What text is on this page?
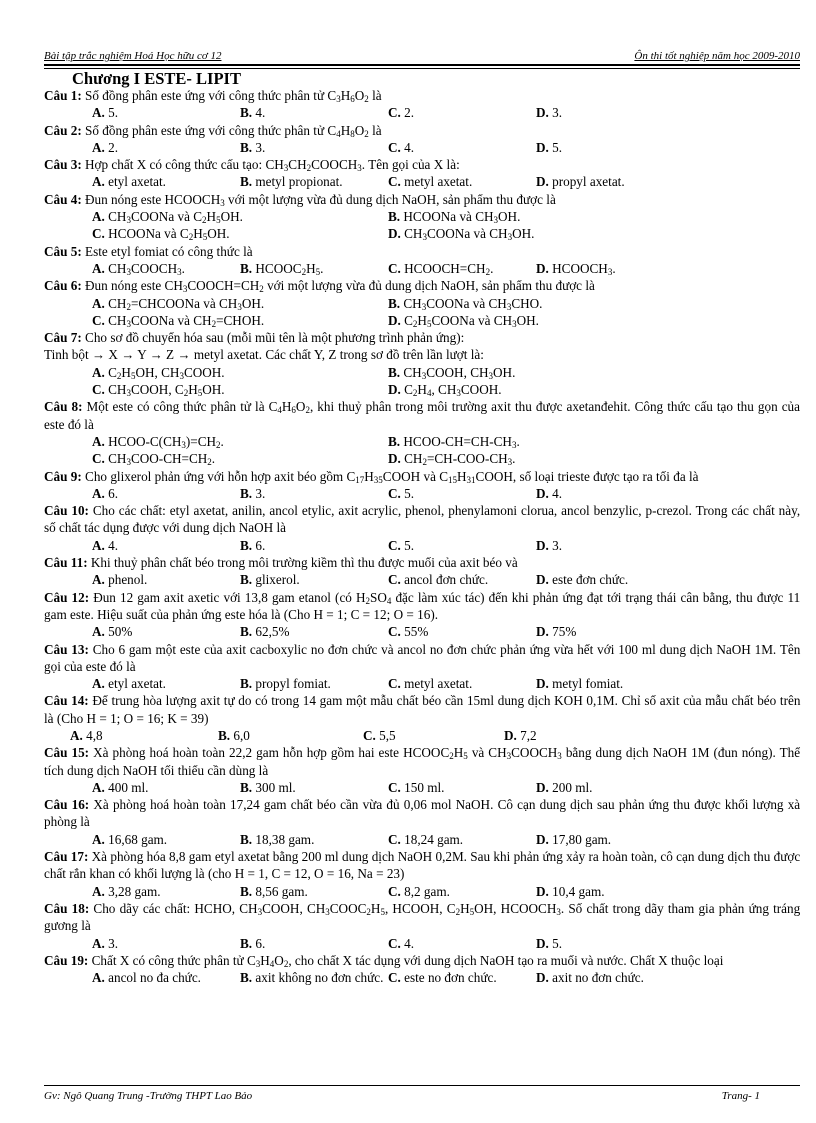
Bài tập trắc nghiệm Hoá Học hữu cơ 12	Ôn thi tốt nghiệp năm học 2009-2010
Chương I ESTE- LIPIT
Câu 1: Số đồng phân este ứng với công thức phân tử $C_3H_6O_2$ là
A. 5.	B. 4.	C. 2.	D. 3.
Câu 2: Số đồng phân este ứng với công thức phân tử $C_4H_8O_2$ là
A. 2.	B. 3.	C. 4.	D. 5.
Câu 3: Hợp chất X có công thức cấu tạo: $CH_3CH_2COOCH_3$. Tên gọi của X là:
A. etyl axetat.	B. metyl propionat.	C. metyl axetat.	D. propyl axetat.
Câu 4: Đun nóng este $HCOOCH_3$ với một lượng vừa đủ dung dịch NaOH, sản phẩm thu được là
A. $CH_3COONa$ và $C_2H_5OH$.	B. HCOONa và $CH_3OH$.
C. HCOONa và $C_2H_5OH$.	D. $CH_3COONa$ và $CH_3OH$.
Câu 5: Este etyl fomiat có công thức là
A. $CH_3COOCH_3$.	B. $HCOOC_2H_5$.	C. $HCOOCH=CH_2$.	D. $HCOOCH_3$.
Câu 6: Đun nóng este $CH_3COOCH=CH_2$ với một lượng vừa đủ dung dịch NaOH, sản phẩm thu được là
A. $CH_2=CHCOONa$ và $CH_3OH$.	B. $CH_3COONa$ và $CH_3CHO$.
C. $CH_3COONa$ và $CH_2=CHOH$.	D. $C_2H_5COONa$ và $CH_3OH$.
Câu 7: Cho sơ đồ chuyển hóa sau (mỗi mũi tên là một phương trình phản ứng):
Tinh bột → X → Y → Z → metyl axetat. Các chất Y, Z trong sơ đồ trên lần lượt là:
A. $C_2H_5OH$, $CH_3COOH$.	B. $CH_3COOH$, $CH_3OH$.
C. $CH_3COOH$, $C_2H_5OH$.	D. $C_2H_4$, $CH_3COOH$.
Câu 8: Một este có công thức phân tử là $C_4H_6O_2$, khi thuỷ phân trong môi trường axit thu được axetanđehit. Công thức cấu tạo thu gọn của este đó là
A. HCOO-$C(CH_3)=CH_2$.	B. HCOO-$CH=CH-CH_3$.
C. $CH_3COO-CH=CH_2$.	D. $CH_2=CH-COO-CH_3$.
Câu 9: Cho glixerol phản ứng với hỗn hợp axit béo gồm $C_{17}H_{35}COOH$ và $C_{15}H_{31}COOH$, số loại trieste được tạo ra tối đa là
A. 6.	B. 3.	C. 5.	D. 4.
Câu 10: Cho các chất: etyl axetat, anilin, ancol etylic, axit acrylic, phenol, phenylamoni clorua, ancol benzylic, p-crezol. Trong các chất này, số chất tác dụng được với dung dịch NaOH là
A. 4.	B. 6.	C. 5.	D. 3.
Câu 11: Khi thuỷ phân chất béo trong môi trường kiềm thì thu được muối của axit béo và
A. phenol.	B. glixerol.	C. ancol đơn chức.	D. este đơn chức.
Câu 12: Đun 12 gam axit axetic với 13,8 gam etanol (có $H_2SO_4$ đặc làm xúc tác) đến khi phản ứng đạt tới trạng thái cân bằng, thu được 11 gam este. Hiệu suất của phản ứng este hóa là (Cho H = 1; C = 12; O = 16).
A. 50%	B. 62,5%	C. 55%	D. 75%
Câu 13: Cho 6 gam một este của axit cacboxylic no đơn chức và ancol no đơn chức phản ứng vừa hết với 100 ml dung dịch NaOH 1M. Tên gọi của este đó là
A. etyl axetat.	B. propyl fomiat.	C. metyl axetat.	D. metyl fomiat.
Câu 14: Để trung hòa lượng axit tự do có trong 14 gam một mẫu chất béo cần 15ml dung dịch KOH 0,1M. Chỉ số axit của mẫu chất béo trên là (Cho H = 1; O = 16; K = 39)
A. 4,8	B. 6,0	C. 5,5	D. 7,2
Câu 15: Xà phòng hoá hoàn toàn 22,2 gam hỗn hợp gồm hai este $HCOOC_2H_5$ và $CH_3COOCH_3$ bằng dung dịch NaOH 1M (đun nóng). Thể tích dung dịch NaOH tối thiểu cần dùng là
A. 400 ml.	B. 300 ml.	C. 150 ml.	D. 200 ml.
Câu 16: Xà phòng hoá hoàn toàn 17,24 gam chất béo cần vừa đủ 0,06 mol NaOH. Cô cạn dung dịch sau phản ứng thu được khối lượng xà phòng là
A. 16,68 gam.	B. 18,38 gam.	C. 18,24 gam.	D. 17,80 gam.
Câu 17: Xà phòng hóa 8,8 gam etyl axetat bằng 200 ml dung dịch NaOH 0,2M. Sau khi phản ứng xảy ra hoàn toàn, cô cạn dung dịch thu được chất rắn khan có khối lượng là (cho H = 1, C = 12, O = 16, Na = 23)
A. 3,28 gam.	B. 8,56 gam.	C. 8,2 gam.	D. 10,4 gam.
Câu 18: Cho dãy các chất: HCHO, $CH_3COOH$, $CH_3COOC_2H_5$, HCOOH, $C_2H_5OH$, $HCOOCH_3$. Số chất trong dãy tham gia phản ứng tráng gương là
A. 3.	B. 6.	C. 4.	D. 5.
Câu 19: Chất X có công thức phân tử $C_3H_4O_2$, cho chất X tác dụng với dung dịch NaOH tạo ra muối và nước. Chất X thuộc loại
A. ancol no đa chức.	B. axit không no đơn chức. C. este no đơn chức.	D. axit no đơn chức.
Gv: Ngô Quang Trung -Trường THPT Lao Bảo	Trang- 1
